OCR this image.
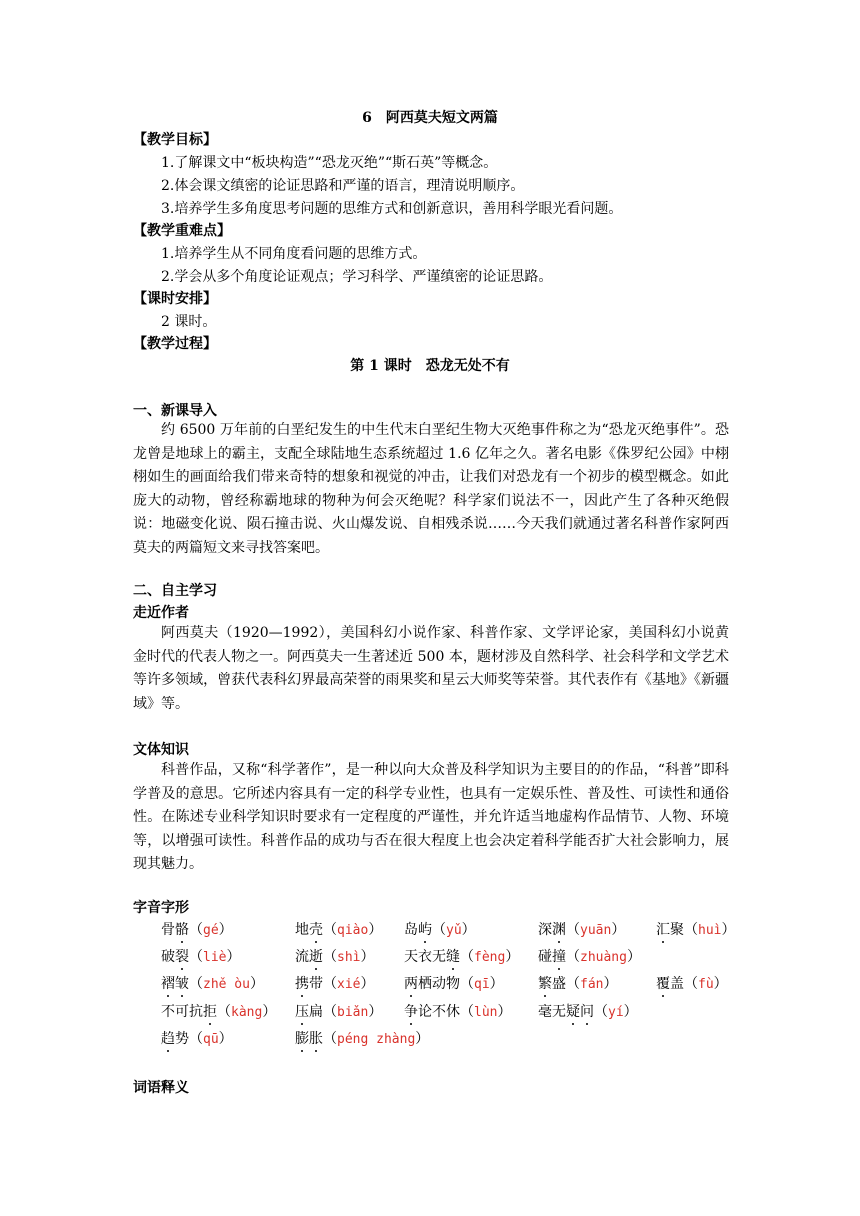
6　阿西莫夫短文两篇
【教学目标】
1.了解课文中“板块构造”“恐龙灭绝”“斯石英”等概念。
2.体会课文缜密的论证思路和严谨的语言，理清说明顺序。
3.培养学生多角度思考问题的思维方式和创新意识，善用科学眼光看问题。
【教学重难点】
1.培养学生从不同角度看问题的思维方式。
2.学会从多个角度论证观点；学习科学、严谨缜密的论证思路。
【课时安排】
2 课时。
【教学过程】
第 1 课时　恐龙无处不有
一、新课导入
约 6500 万年前的白垩纪发生的中生代末白垩纪生物大灭绝事件称之为“恐龙灭绝事件”。恐龙曾是地球上的霸主，支配全球陆地生态系统超过 1.6 亿年之久。著名电影《侏罗纪公园》中栩栩如生的画面给我们带来奇特的想象和视觉的冲击，让我们对恐龙有一个初步的模型概念。如此庞大的动物，曾经称霸地球的物种为何会灭绝呢？科学家们说法不一，因此产生了各种灭绝假说：地磁变化说、陨石撞击说、火山爆发说、自相残杀说……今天我们就通过著名科普作家阿西莫夫的两篇短文来寻找答案吧。
二、自主学习
走近作者
阿西莫夫（1920—1992），美国科幻小说作家、科普作家、文学评论家，美国科幻小说黄金时代的代表人物之一。阿西莫夫一生著述近 500 本，题材涉及自然科学、社会科学和文学艺术等许多领域，曾获代表科幻界最高荣誉的雨果奖和星云大师奖等荣誉。其代表作有《基地》《新疆域》等。
文体知识
科普作品，又称“科学著作”，是一种以向大众普及科学知识为主要目的的作品，“科普”即科学普及的意思。它所述内容具有一定的科学专业性，也具有一定娱乐性、普及性、可读性和通俗性。在陈述专业科学知识时要求有一定程度的严谨性，并允许适当地虚构作品情节、人物、环境等，以增强可读性。科普作品的成功与否在很大程度上也会决定着科学能否扩大社会影响力，展现其魅力。
字音字形
骨骼（gé）	地壳（qiào） 岛屿（yǔ）	深渊（yuān） 汇聚（huì）
破裂（liè）	流逝（shì） 天衣无缝（fèng） 碰撞（zhuàng）
褶皱（zhě òu） 携带（xié） 两栖动物（qī） 繁盛（fán）	覆盖（fù）
不可抗拒（kàng） 压扁（biǎn） 争论不休（lùn） 毫无疑问（yí）
趋势（qū）	膨胀（péng zhàng）
词语释义
